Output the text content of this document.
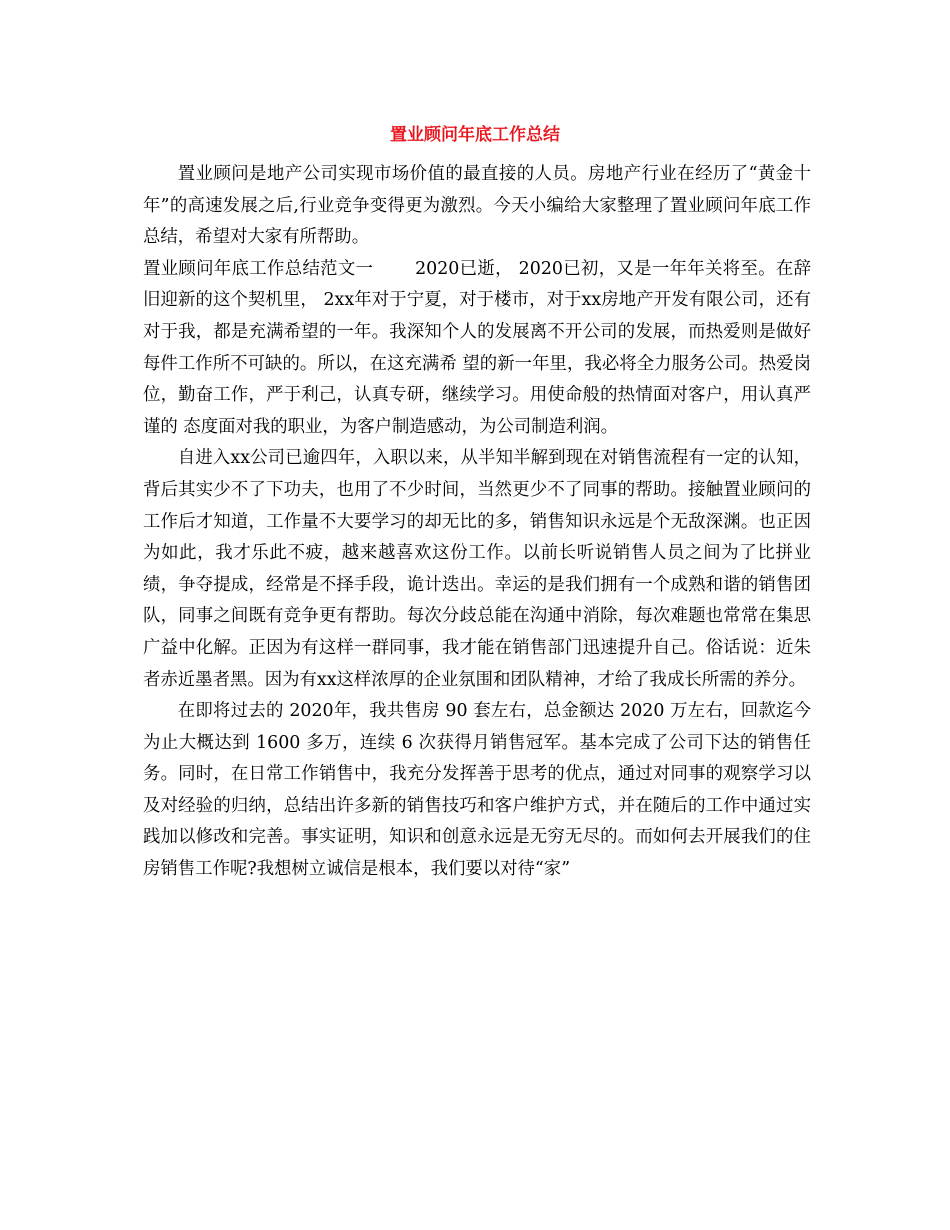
置业顾问年底工作总结

置业顾问是地产公司实现市场价值的最直接的人员。房地产行业在经历了“黄金十年”的高速发展之后,行业竞争变得更为激烈。今天小编给大家整理了置业顾问年底工作总结，希望对大家有所帮助。

置业顾问年底工作总结范文一 2020已逝， 2020已初，又是一年年关将至。在辞旧迎新的这个契机里， 2xx年对于宁夏，对于楼市，对于xx房地产开发有限公司，还有对于我，都是充满希望的一年。我深知个人的发展离不开公司的发展，而热爱则是做好每件工作所不可缺的。所以，在这充满希 望的新一年里，我必将全力服务公司。热爱岗位，勤奋工作，严于利己，认真专研，继续学习。用使命般的热情面对客户，用认真严谨的 态度面对我的职业，为客户制造感动，为公司制造利润。

自进入xx公司已逾四年，入职以来，从半知半解到现在对销售流程有一定的认知，背后其实少不了下功夫，也用了不少时间，当然更少不了同事的帮助。接触置业顾问的工作后才知道，工作量不大要学习的却无比的多，销售知识永远是个无敌深渊。也正因为如此，我才乐此不疲，越来越喜欢这份工作。以前长听说销售人员之间为了比拼业绩，争夺提成，经常是不择手段，诡计迭出。幸运的是我们拥有一个成熟和谐的销售团队，同事之间既有竞争更有帮助。每次分歧总能在沟通中消除，每次难题也常常在集思广益中化解。正因为有这样一群同事，我才能在销售部门迅速提升自己。俗话说：近朱者赤近墨者黑。因为有xx这样浓厚的企业氛围和团队精神，才给了我成长所需的养分。

在即将过去的 2020年，我共售房 90 套左右，总金额达 2020 万左右，回款迄今为止大概达到 1600 多万，连续 6 次获得月销售冠军。基本完成了公司下达的销售任务。同时，在日常工作销售中，我充分发挥善于思考的优点，通过对同事的观察学习以及对经验的归纳，总结出许多新的销售技巧和客户维护方式，并在随后的工作中通过实践加以修改和完善。事实证明，知识和创意永远是无穷无尽的。而如何去开展我们的住房销售工作呢?我想树立诚信是根本，我们要以对待“家”
